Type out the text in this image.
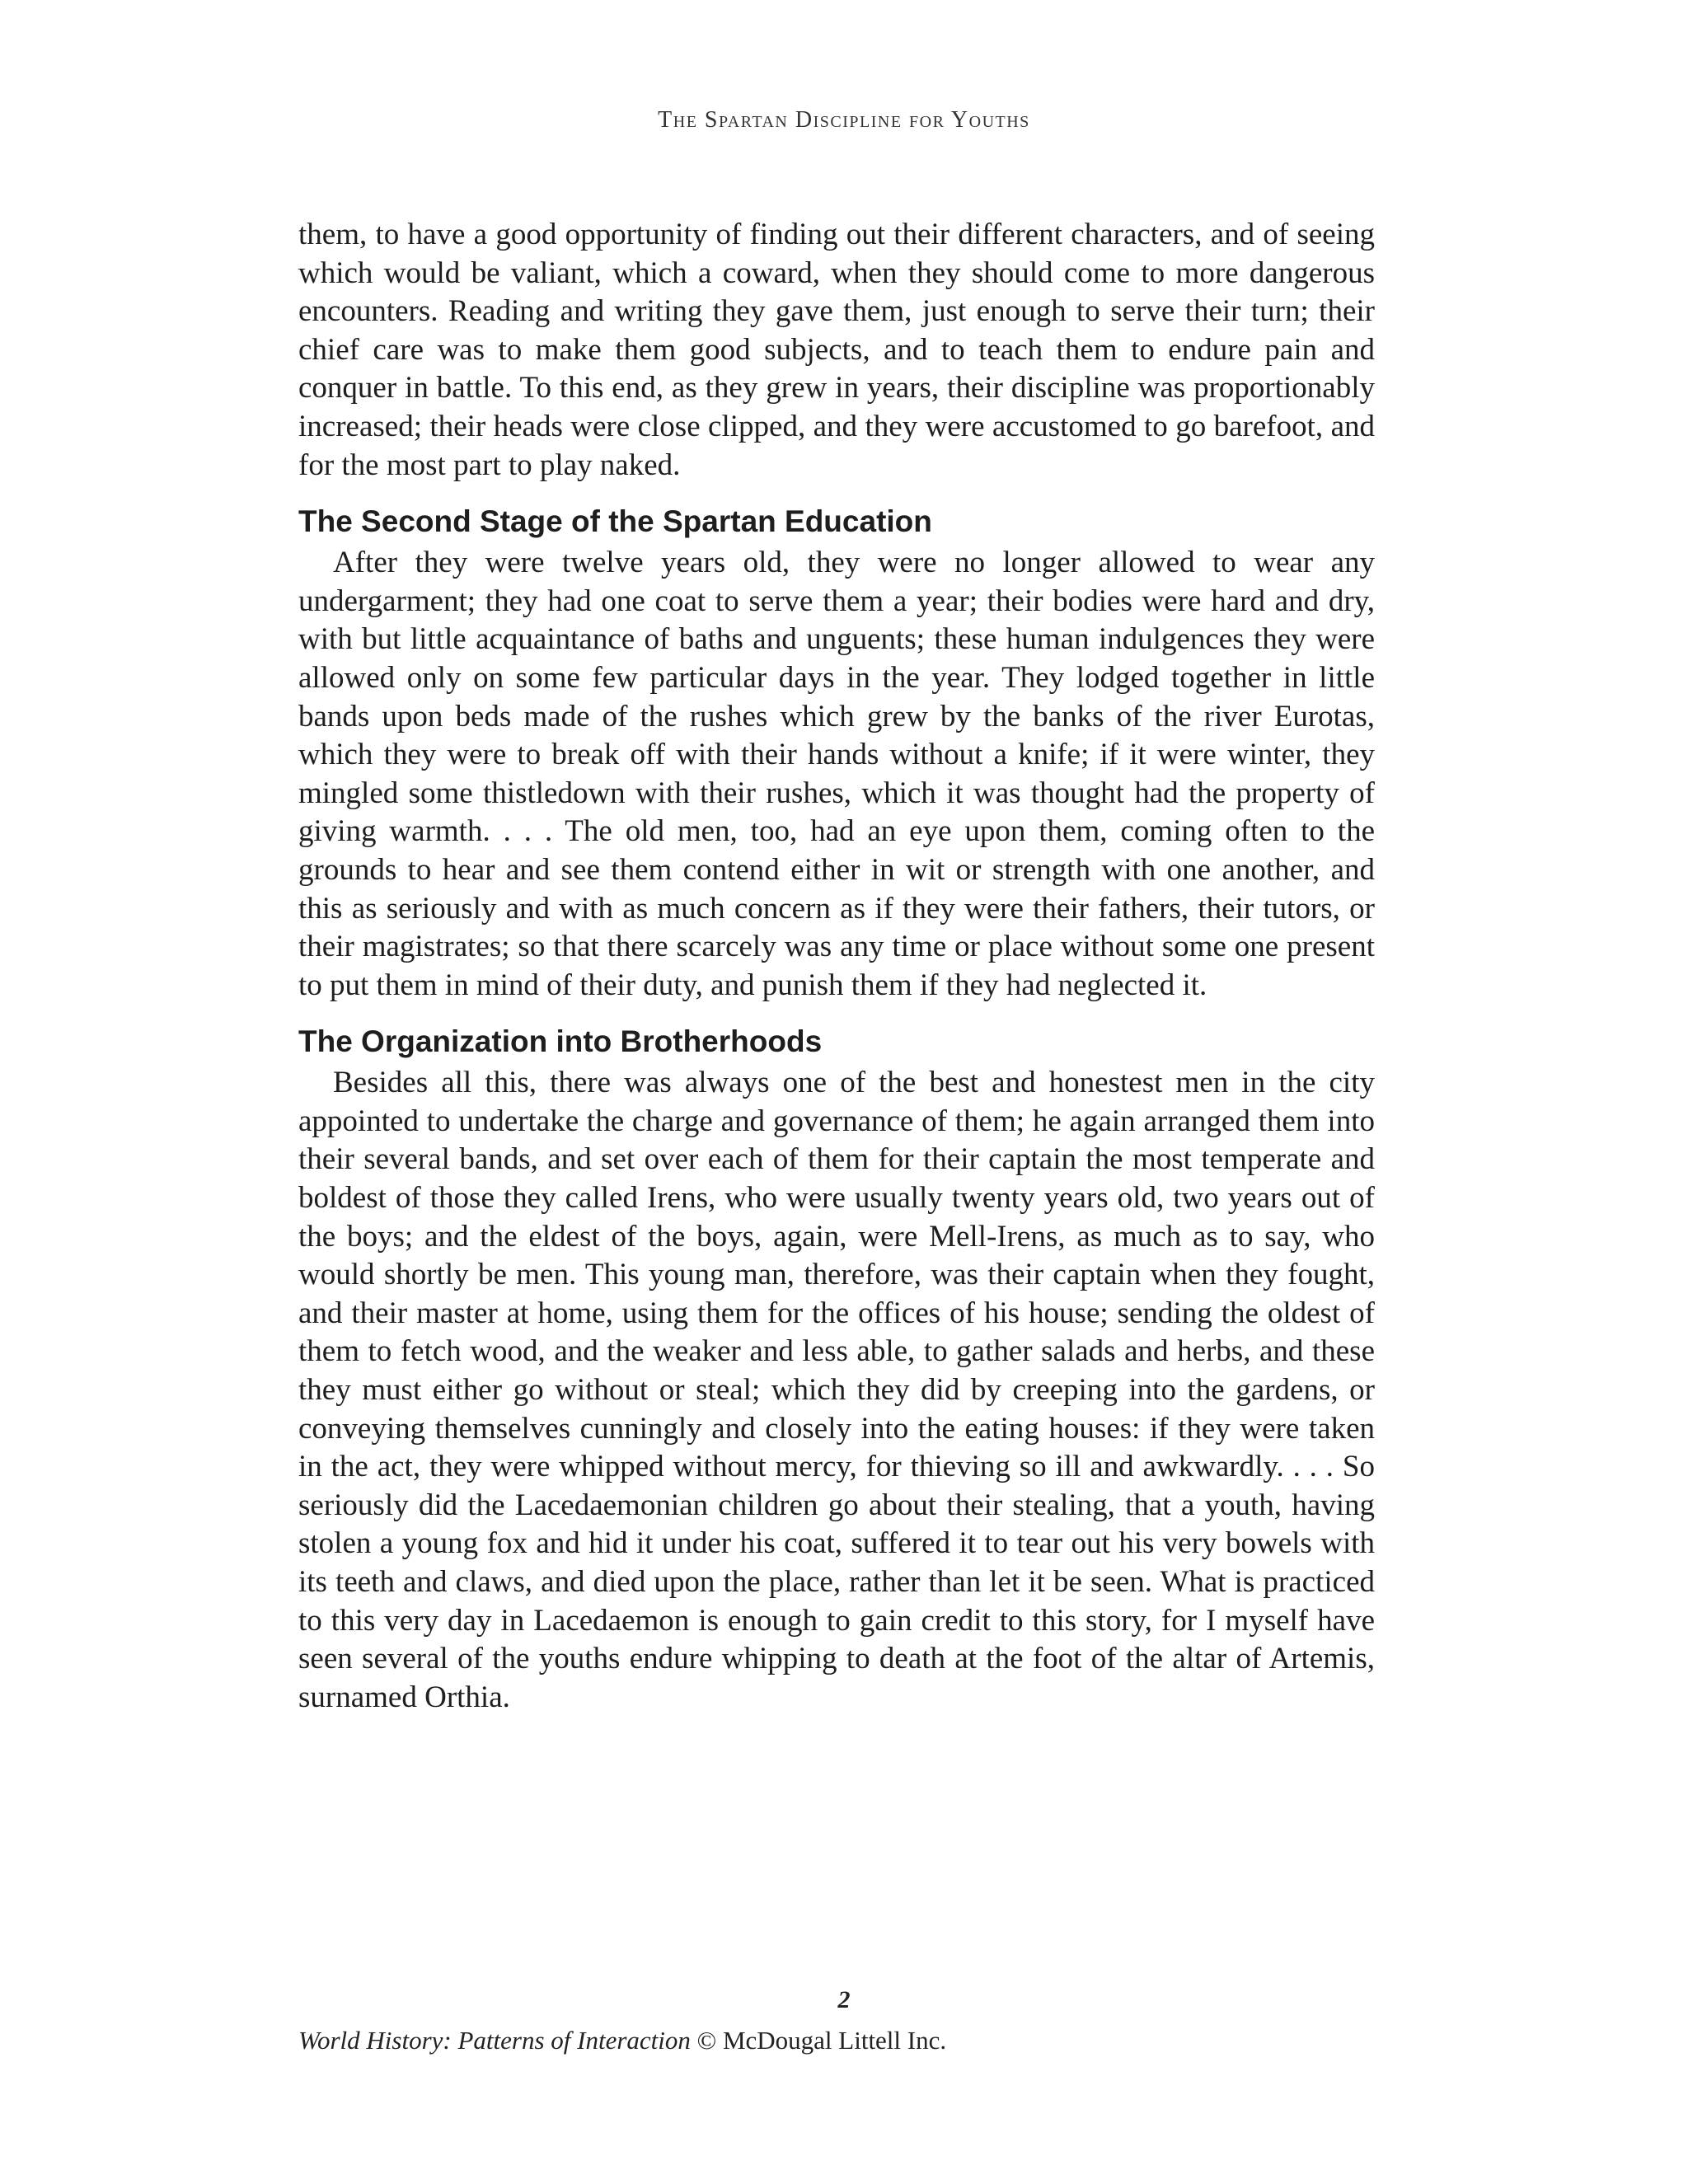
The Spartan Discipline for Youths

them, to have a good opportunity of finding out their different characters, and of seeing which would be valiant, which a coward, when they should come to more dangerous encounters. Reading and writing they gave them, just enough to serve their turn; their chief care was to make them good subjects, and to teach them to endure pain and conquer in battle. To this end, as they grew in years, their discipline was proportionably increased; their heads were close clipped, and they were accustomed to go barefoot, and for the most part to play naked.

The Second Stage of the Spartan Education

After they were twelve years old, they were no longer allowed to wear any undergarment; they had one coat to serve them a year; their bodies were hard and dry, with but little acquaintance of baths and unguents; these human indulgences they were allowed only on some few particular days in the year. They lodged together in little bands upon beds made of the rushes which grew by the banks of the river Eurotas, which they were to break off with their hands without a knife; if it were winter, they mingled some thistledown with their rushes, which it was thought had the property of giving warmth. . . . The old men, too, had an eye upon them, coming often to the grounds to hear and see them contend either in wit or strength with one another, and this as seriously and with as much concern as if they were their fathers, their tutors, or their magistrates; so that there scarcely was any time or place without some one present to put them in mind of their duty, and punish them if they had neglected it.

The Organization into Brotherhoods

Besides all this, there was always one of the best and honestest men in the city appointed to undertake the charge and governance of them; he again arranged them into their several bands, and set over each of them for their captain the most temperate and boldest of those they called Irens, who were usually twenty years old, two years out of the boys; and the eldest of the boys, again, were Mell-Irens, as much as to say, who would shortly be men. This young man, therefore, was their captain when they fought, and their master at home, using them for the offices of his house; sending the oldest of them to fetch wood, and the weaker and less able, to gather salads and herbs, and these they must either go without or steal; which they did by creeping into the gardens, or conveying themselves cunningly and closely into the eating houses: if they were taken in the act, they were whipped without mercy, for thieving so ill and awkwardly. . . . So seriously did the Lacedaemonian children go about their stealing, that a youth, having stolen a young fox and hid it under his coat, suffered it to tear out his very bowels with its teeth and claws, and died upon the place, rather than let it be seen. What is practiced to this very day in Lacedaemon is enough to gain credit to this story, for I myself have seen several of the youths endure whipping to death at the foot of the altar of Artemis, surnamed Orthia.

2
World History: Patterns of Interaction © McDougal Littell Inc.
